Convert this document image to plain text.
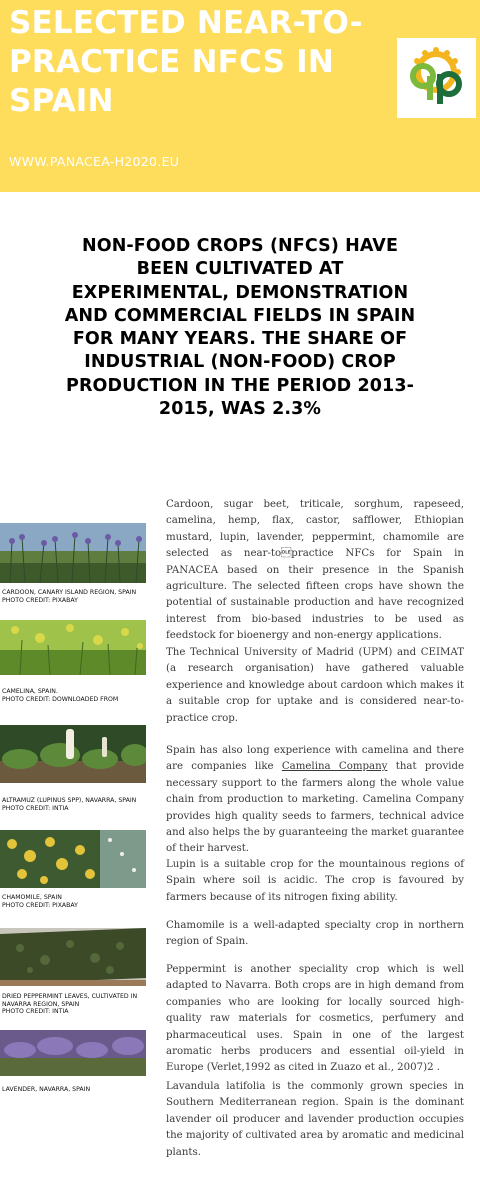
SELECTED NEAR-TO-PRACTICE NFCS IN SPAIN
WWW.PANACEA-H2020.EU
NON-FOOD CROPS (NFCS) HAVE BEEN CULTIVATED AT EXPERIMENTAL, DEMONSTRATION AND COMMERCIAL FIELDS IN SPAIN FOR MANY YEARS. THE SHARE OF INDUSTRIAL (NON-FOOD) CROP PRODUCTION IN THE PERIOD 2013-2015, WAS 2.3%
CARDOON, CANARY ISLAND REGION, SPAIN
PHOTO CREDIT: PIXABAY
CAMELINA, SPAIN.
PHOTO CREDIT: DOWNLOADED FROM
ALTRAMUZ (LUPINUS SPP), NAVARRA, SPAIN
PHOTO CREDIT: INTIA
CHAMOMILE, SPAIN
PHOTO CREDIT: PIXABAY
DRIED PEPPERMINT LEAVES, CULTIVATED IN
NAVARRA REGION, SPAIN
PHOTO CREDIT: INTIA
LAVENDER, NAVARRA, SPAIN

Cardoon, sugar beet, triticale, sorghum, rapeseed, camelina, hemp, flax, castor, safflower, Ethiopian mustard, lupin, lavender, peppermint, chamomile are selected as near-topractice NFCs for Spain in PANACEA based on their presence in the Spanish agriculture. The selected fifteen crops have shown the potential of sustainable production and have recognized interest from bio-based industries to be used as feedstock for bioenergy and non-energy applications.

The Technical University of Madrid (UPM) and CEIMAT (a research organisation) have gathered valuable experience and knowledge about cardoon which makes it a suitable crop for uptake and is considered near-to-practice crop.

Spain has also long experience with camelina and there are companies like Camelina Company that provide necessary support to the farmers along the whole value chain from production to marketing. Camelina Company provides high quality seeds to farmers, technical advice and also helps the by guaranteeing the market guarantee of their harvest.

Lupin is a suitable crop for the mountainous regions of Spain where soil is acidic. The crop is favoured by farmers because of its nitrogen fixing ability.

Chamomile is a well-adapted specialty crop in northern region of Spain.

Peppermint is another speciality crop which is well adapted to Navarra. Both crops are in high demand from companies who are looking for locally sourced high-quality raw materials for cosmetics, perfumery and pharmaceutical uses. Spain in one of the largest aromatic herbs producers and essential oil-yield in Europe (Verlet,1992 as cited in Zuazo et al., 2007)2 .

Lavandula latifolia is the commonly grown species in Southern Mediterranean region. Spain is the dominant lavender oil producer and lavender production occupies the majority of cultivated area by aromatic and medicinal plants.
